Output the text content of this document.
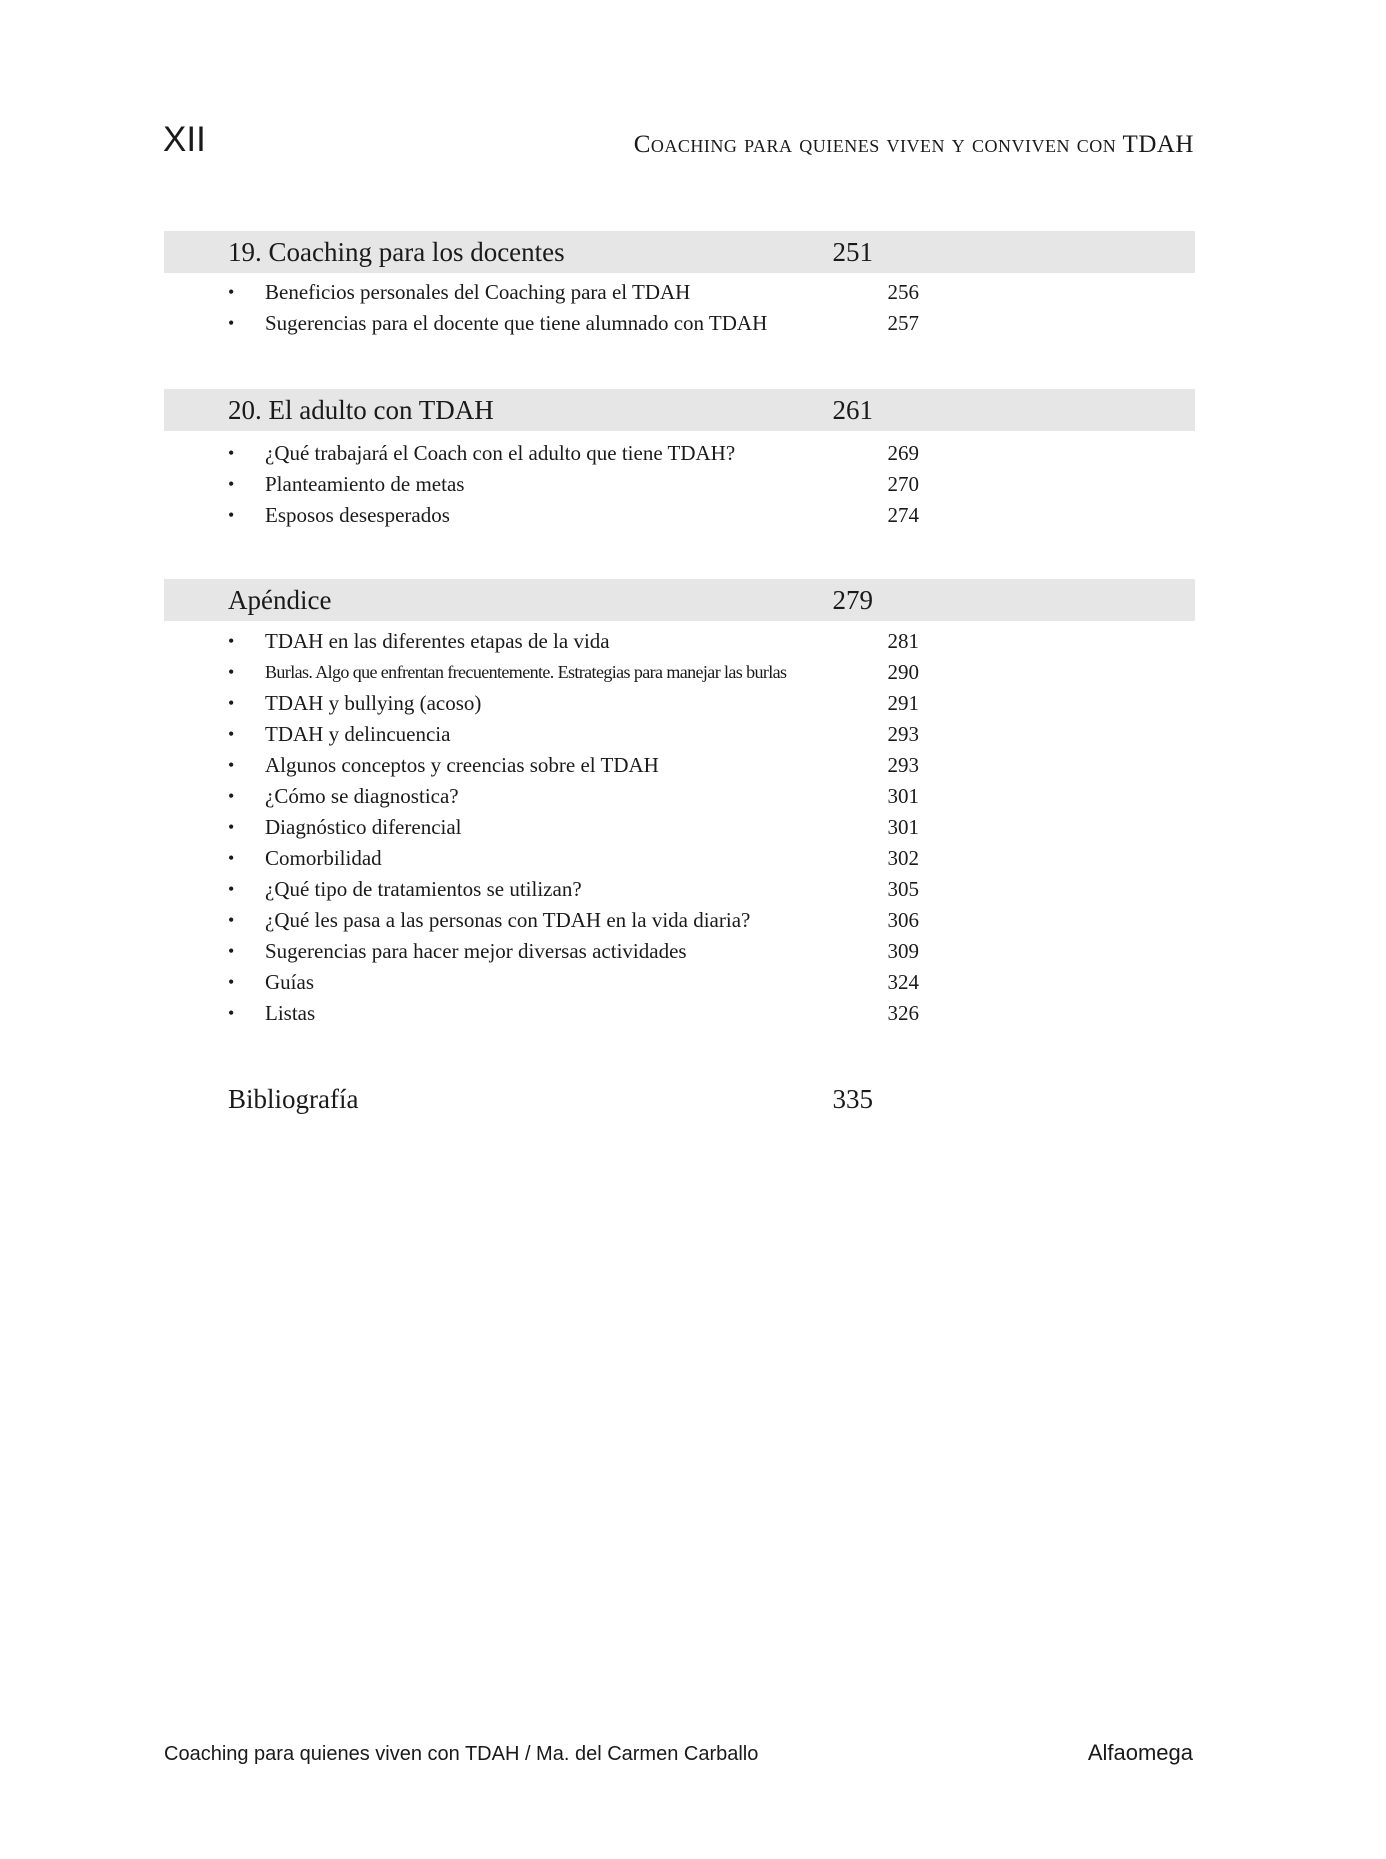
XII	Coaching para quienes viven y conviven con TDAH
19. Coaching para los docentes	251
• Beneficios personales del Coaching para el TDAH	256
• Sugerencias para el docente que tiene alumnado con TDAH	257
20. El adulto con TDAH	261
• ¿Qué trabajará el Coach con el adulto que tiene TDAH?	269
• Planteamiento de metas	270
• Esposos desesperados	274
Apéndice	279
• TDAH en las diferentes etapas de la vida	281
• Burlas. Algo que enfrentan frecuentemente. Estrategias para manejar las burlas	290
• TDAH y bullying (acoso)	291
• TDAH y delincuencia	293
• Algunos conceptos y creencias sobre el TDAH	293
• ¿Cómo se diagnostica?	301
• Diagnóstico diferencial	301
• Comorbilidad	302
• ¿Qué tipo de tratamientos se utilizan?	305
• ¿Qué les pasa a las personas con TDAH en la vida diaria?	306
• Sugerencias para hacer mejor diversas actividades	309
• Guías	324
• Listas	326
Bibliografía	335
Coaching para quienes viven con TDAH / Ma. del Carmen Carballo	Alfaomega
